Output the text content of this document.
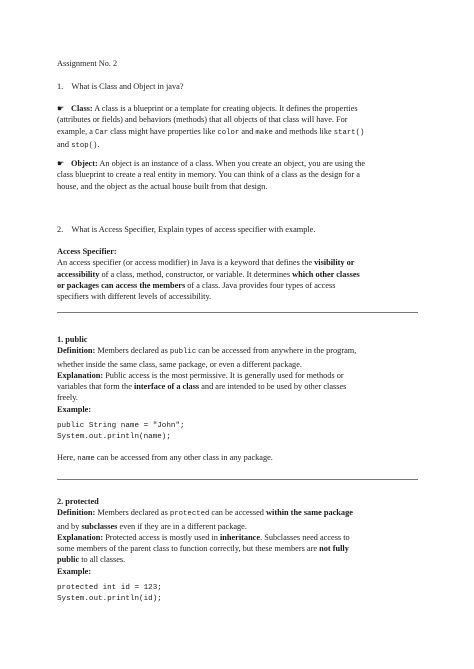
Assignment No. 2
1. What is Class and Object in java?
☛ Class: A class is a blueprint or a template for creating objects. It defines the properties
(attributes or fields) and behaviors (methods) that all objects of that class will have. For
example, a Car class might have properties like color and make and methods like start()
and stop().
☛ Object: An object is an instance of a class. When you create an object, you are using the
class blueprint to create a real entity in memory. You can think of a class as the design for a
house, and the object as the actual house built from that design.
2. What is Access Specifier, Explain types of access specifier with example.
Access Specifier:
An access specifier (or access modifier) in Java is a keyword that defines the visibility or
accessibility of a class, method, constructor, or variable. It determines which other classes
or packages can access the members of a class. Java provides four types of access
specifiers with different levels of accessibility.
1. public
Definition: Members declared as public can be accessed from anywhere in the program,
whether inside the same class, same package, or even a different package.
Explanation: Public access is the most permissive. It is generally used for methods or
variables that form the interface of a class and are intended to be used by other classes
freely.
Example:
public String name = "John";
System.out.println(name);
Here, name can be accessed from any other class in any package.
2. protected
Definition: Members declared as protected can be accessed within the same package
and by subclasses even if they are in a different package.
Explanation: Protected access is mostly used in inheritance. Subclasses need access to
some members of the parent class to function correctly, but these members are not fully
public to all classes.
Example:
protected int id = 123;
System.out.println(id);
